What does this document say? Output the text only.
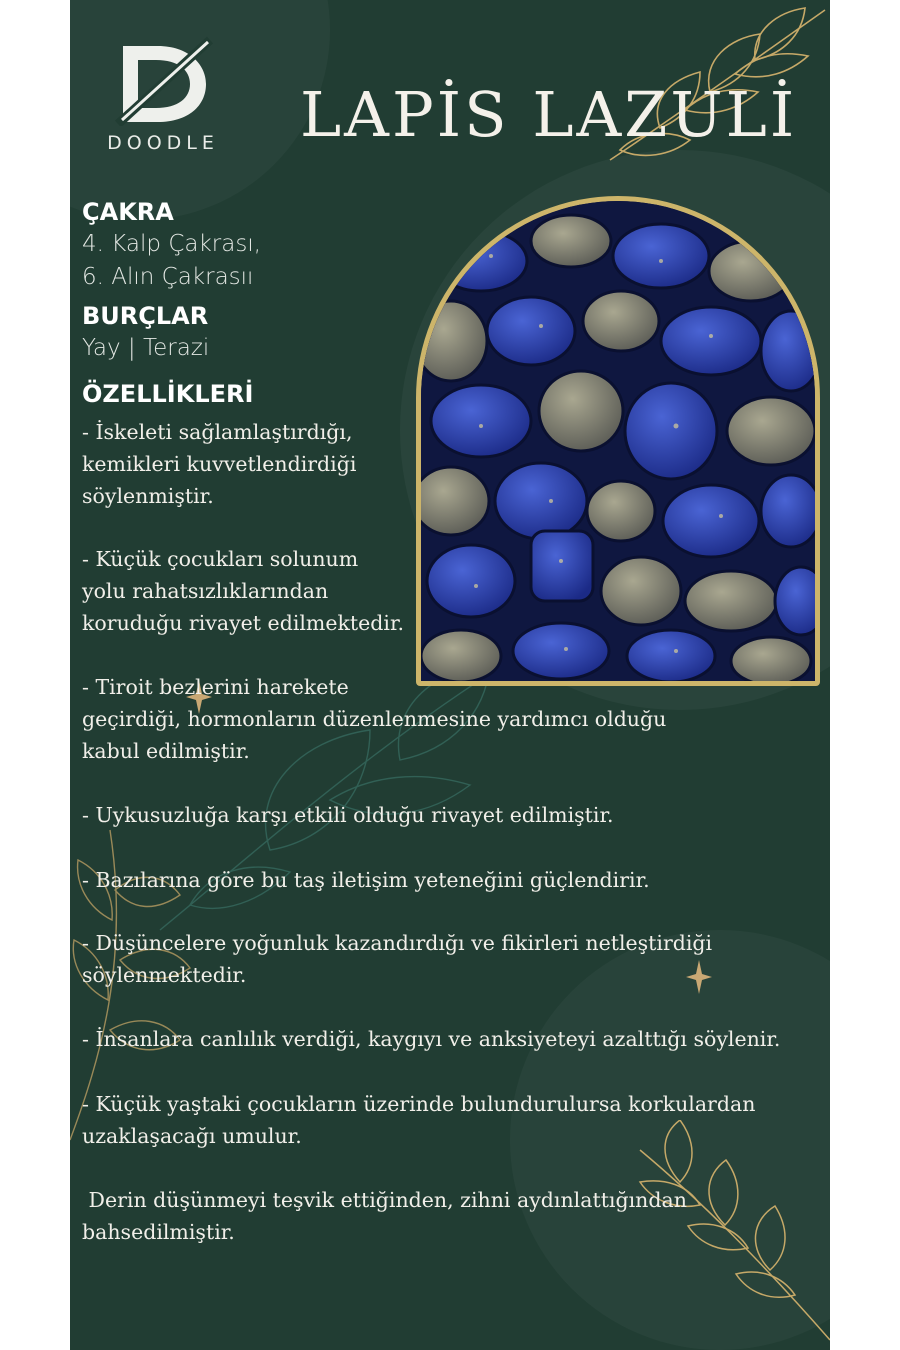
DOODLE LAPİS LAZULİ
ÇAKRA
4. Kalp Çakrası,
6. Alın Çakrasıı
BURÇLAR
Yay | Terazi
ÖZELLİKLERİ
- İskeleti sağlamlaştırdığı,
kemikleri kuvvetlendirdiği
söylenmiştir.
- Küçük çocukları solunum
yolu rahatsızlıklarından
koruduğu rivayet edilmektedir.
- Tiroit bezlerini harekete
geçirdiği, hormonların düzenlenmesine yardımcı olduğu
kabul edilmiştir.
- Uykusuzluğa karşı etkili olduğu rivayet edilmiştir.
- Bazılarına göre bu taş iletişim yeteneğini güçlendirir.
- Düşüncelere yoğunluk kazandırdığı ve fikirleri netleştirdiği
söylenmektedir.
- İnsanlara canlılık verdiği, kaygıyı ve anksiyeteyi azalttığı söylenir.
- Küçük yaştaki çocukların üzerinde bulundurulursa korkulardan
uzaklaşacağı umulur.
Derin düşünmeyi teşvik ettiğinden, zihni aydınlattığından
bahsedilmiştir.
